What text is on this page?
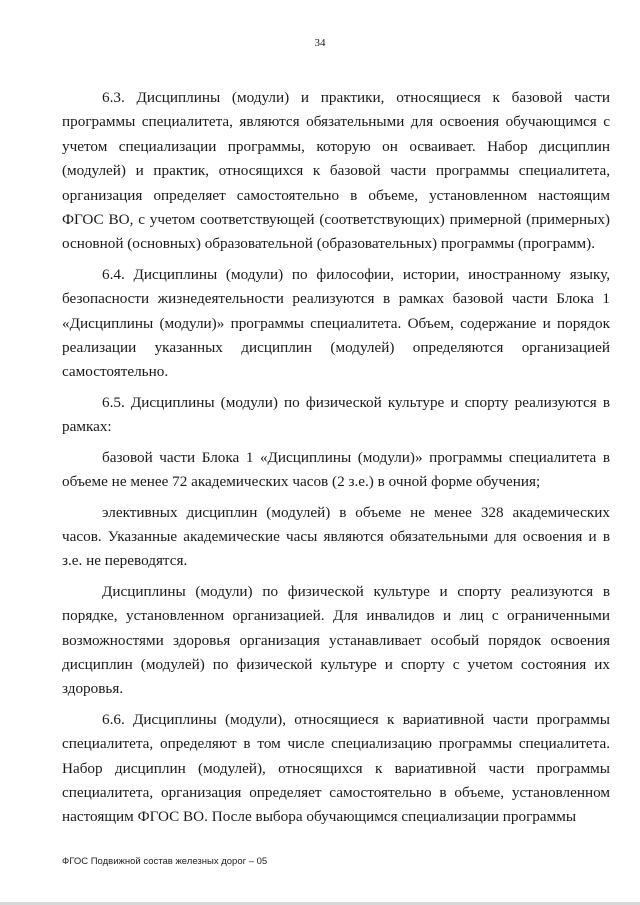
34

6.3. Дисциплины (модули) и практики, относящиеся к базовой части программы специалитета, являются обязательными для освоения обучающимся с учетом специализации программы, которую он осваивает. Набор дисциплин (модулей) и практик, относящихся к базовой части программы специалитета, организация определяет самостоятельно в объеме, установленном настоящим ФГОС ВО, с учетом соответствующей (соответствующих) примерной (примерных) основной (основных) образовательной (образовательных) программы (программ).

6.4. Дисциплины (модули) по философии, истории, иностранному языку, безопасности жизнедеятельности реализуются в рамках базовой части Блока 1 «Дисциплины (модули)» программы специалитета. Объем, содержание и порядок реализации указанных дисциплин (модулей) определяются организацией самостоятельно.

6.5. Дисциплины (модули) по физической культуре и спорту реализуются в рамках:

базовой части Блока 1 «Дисциплины (модули)» программы специалитета в объеме не менее 72 академических часов (2 з.е.) в очной форме обучения;

элективных дисциплин (модулей) в объеме не менее 328 академических часов. Указанные академические часы являются обязательными для освоения и в з.е. не переводятся.

Дисциплины (модули) по физической культуре и спорту реализуются в порядке, установленном организацией. Для инвалидов и лиц с ограниченными возможностями здоровья организация устанавливает особый порядок освоения дисциплин (модулей) по физической культуре и спорту с учетом состояния их здоровья.

6.6. Дисциплины (модули), относящиеся к вариативной части программы специалитета, определяют в том числе специализацию программы специалитета. Набор дисциплин (модулей), относящихся к вариативной части программы специалитета, организация определяет самостоятельно в объеме, установленном настоящим ФГОС ВО. После выбора обучающимся специализации программы

ФГОС Подвижной состав железных дорог – 05
